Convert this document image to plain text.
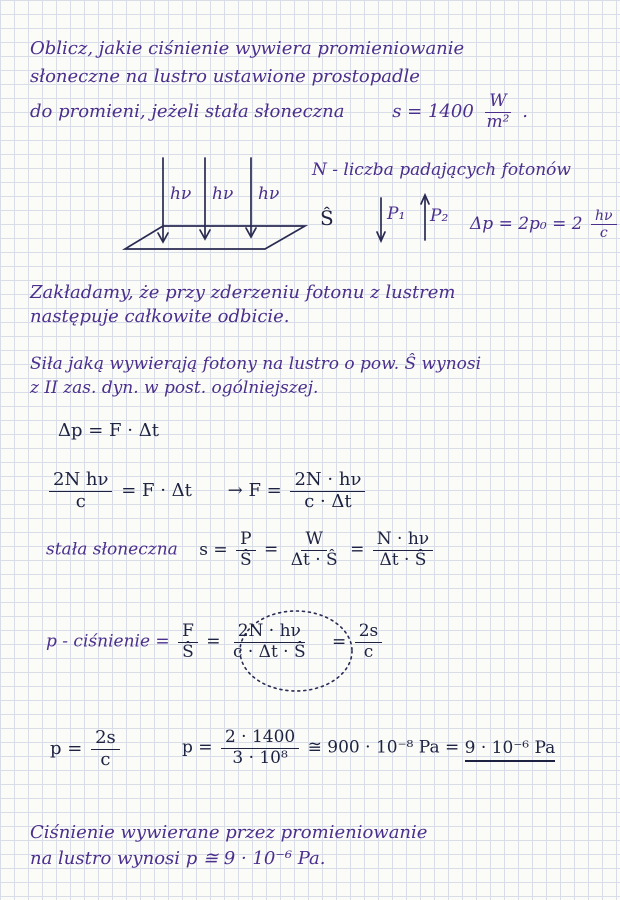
Oblicz, jakie ciśnienie wywiera promieniowanie
słoneczne na lustro ustawione prostopadle
do promieni, jeżeli stała słoneczna	$s = 1400 \frac{W}{\text{m²}}$ .
hν hν hν
Ŝ
N - liczba padających fotonów
P₁ P₂ $\Delta p = 2p_0 = 2 \frac{h\nu}{c}$
Zakładamy, że przy zderzeniu fotonu z lustrem
następuje całkowite odbicie.
Siła jaką wywierają fotony na lustro o pow. Ŝ wynosi
z II zas. dyn. w post. ogólniejszej.
Δp = F · Δt
$\frac{\text{2N hν}}{c} = F \cdot \Delta t \to F = \frac{2N \cdot h\nu}{c \cdot \Delta t}$
stała słoneczna $s = \frac{P}{Ŝ} = \frac{W}{\Delta t \cdot Ŝ} = \frac{N \cdot h\nu}{\Delta t \cdot Ŝ}$
p - ciśnienie = $\frac{F}{Ŝ} = \frac{2N \cdot h\nu}{c \cdot \Delta t \cdot Ŝ} = \frac{2s}{c}$
$p = \frac{2s}{c}$	$p = \frac{2 \cdot 1400}{\text{3 · 10⁸}}$ ≅ 900 · 10⁻⁸ Pa = 9 · 10⁻⁶ Pa
Ciśnienie wywierane przez promieniowanie
na lustro wynosi p ≅ 9 · 10⁻⁶ Pa.
